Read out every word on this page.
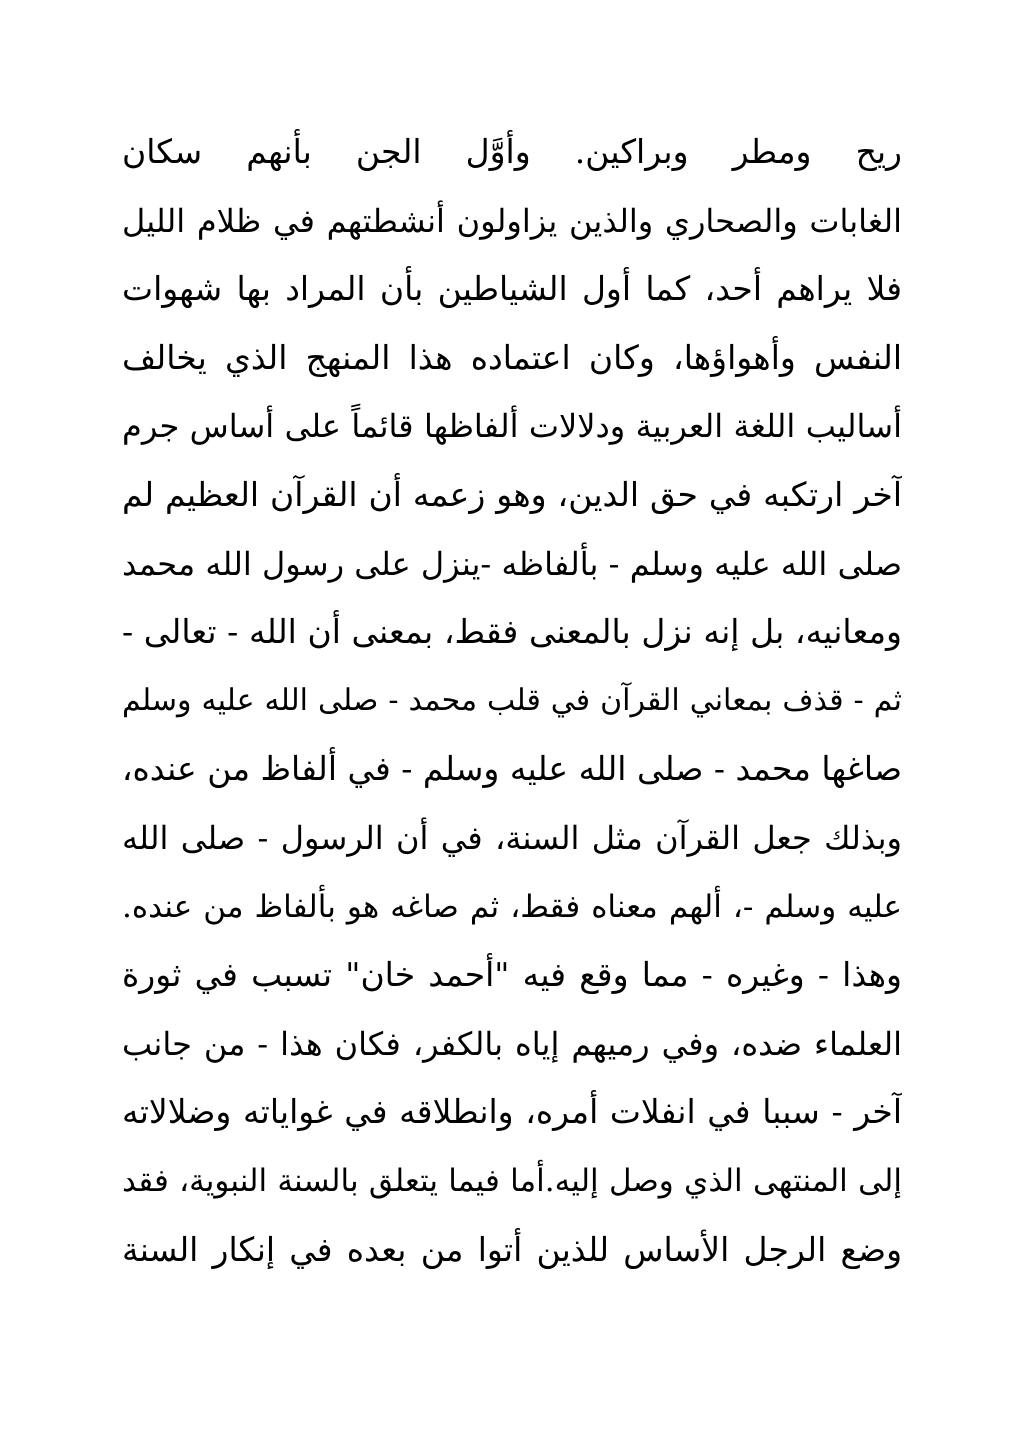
ريح ومطر وبراكين. وأوَّل الجن بأنهم سكان
الغابات والصحاري والذين يزاولون أنشطتهم في ظلام الليل
فلا يراهم أحد، كما أول الشياطين بأن المراد بها شهوات
النفس وأهواؤها، وكان اعتماده هذا المنهج الذي يخالف
أساليب اللغة العربية ودلالات ألفاظها قائماً على أساس جرم
آخر ارتكبه في حق الدين، وهو زعمه أن القرآن العظيم لم
صلى الله عليه وسلم - بألفاظه -ينزل على رسول الله محمد
ومعانيه، بل إنه نزل بالمعنى فقط، بمعنى أن الله - تعالى -
ثم - قذف بمعاني القرآن في قلب محمد - صلى الله عليه وسلم
صاغها محمد - صلى الله عليه وسلم - في ألفاظ من عنده،
وبذلك جعل القرآن مثل السنة، في أن الرسول - صلى الله
عليه وسلم -، ألهم معناه فقط، ثم صاغه هو بألفاظ من عنده.
وهذا - وغيره - مما وقع فيه "أحمد خان" تسبب في ثورة
العلماء ضده، وفي رميهم إياه بالكفر، فكان هذا - من جانب
آخر - سببا في انفلات أمره، وانطلاقه في غواياته وضلالاته
إلى المنتهى الذي وصل إليه.أما فيما يتعلق بالسنة النبوية، فقد
وضع الرجل الأساس للذين أتوا من بعده في إنكار السنة
